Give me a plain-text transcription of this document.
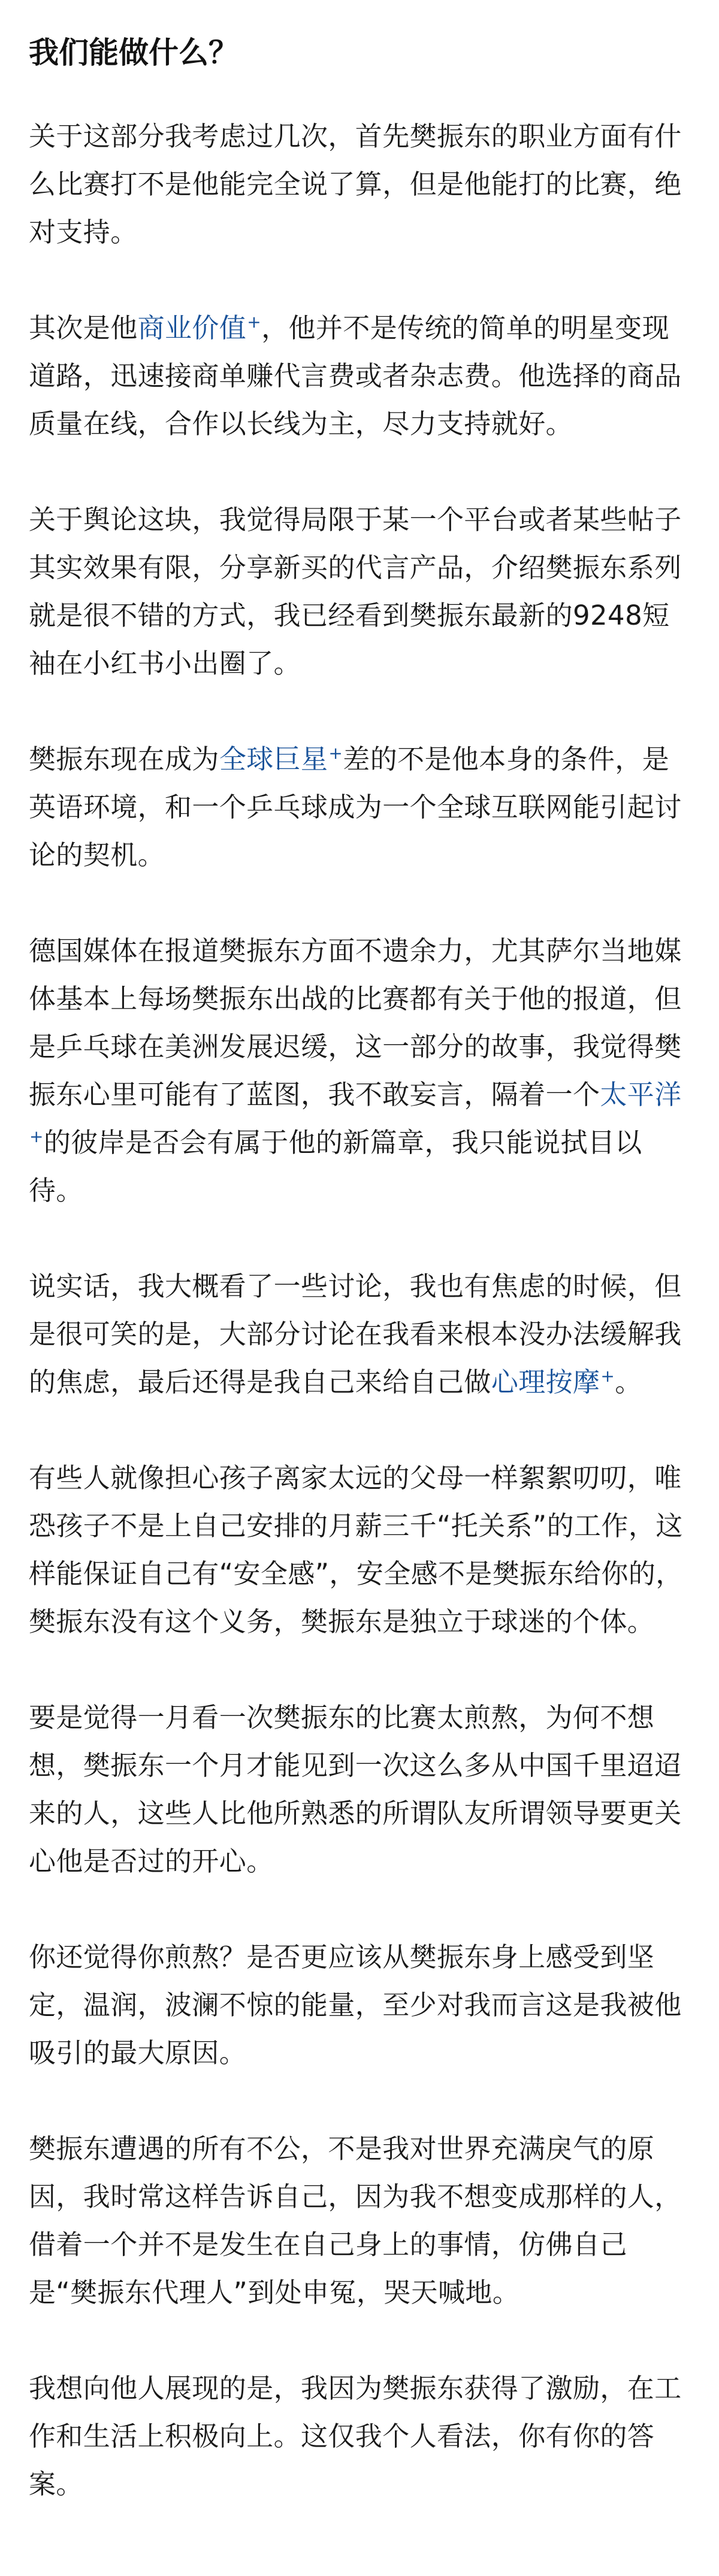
我们能做什么？

关于这部分我考虑过几次，首先樊振东的职业方面有什么比赛打不是他能完全说了算，但是他能打的比赛，绝对支持。

其次是他商业价值+，他并不是传统的简单的明星变现道路，迅速接商单赚代言费或者杂志费。他选择的商品质量在线，合作以长线为主，尽力支持就好。

关于舆论这块，我觉得局限于某一个平台或者某些帖子其实效果有限，分享新买的代言产品，介绍樊振东系列就是很不错的方式，我已经看到樊振东最新的9248短袖在小红书小出圈了。

樊振东现在成为全球巨星+差的不是他本身的条件，是英语环境，和一个乒乓球成为一个全球互联网能引起讨论的契机。

德国媒体在报道樊振东方面不遗余力，尤其萨尔当地媒体基本上每场樊振东出战的比赛都有关于他的报道，但是乒乓球在美洲发展迟缓，这一部分的故事，我觉得樊振东心里可能有了蓝图，我不敢妄言，隔着一个太平洋+的彼岸是否会有属于他的新篇章，我只能说拭目以待。

说实话，我大概看了一些讨论，我也有焦虑的时候，但是很可笑的是，大部分讨论在我看来根本没办法缓解我的焦虑，最后还得是我自己来给自己做心理按摩+。

有些人就像担心孩子离家太远的父母一样絮絮叨叨，唯恐孩子不是上自己安排的月薪三千“托关系”的工作，这样能保证自己有“安全感”，安全感不是樊振东给你的，樊振东没有这个义务，樊振东是独立于球迷的个体。

要是觉得一月看一次樊振东的比赛太煎熬，为何不想想，樊振东一个月才能见到一次这么多从中国千里迢迢来的人，这些人比他所熟悉的所谓队友所谓领导要更关心他是否过的开心。

你还觉得你煎熬？是否更应该从樊振东身上感受到坚定，温润，波澜不惊的能量，至少对我而言这是我被他吸引的最大原因。

樊振东遭遇的所有不公，不是我对世界充满戾气的原因，我时常这样告诉自己，因为我不想变成那样的人，借着一个并不是发生在自己身上的事情，仿佛自己是“樊振东代理人”到处申冤，哭天喊地。

我想向他人展现的是，我因为樊振东获得了激励，在工作和生活上积极向上。这仅我个人看法，你有你的答案。
